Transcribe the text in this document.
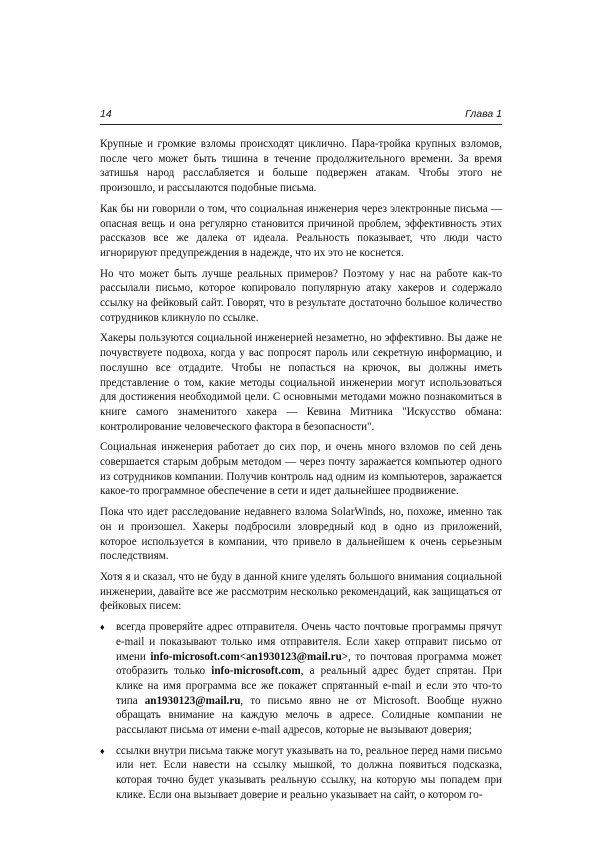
14	Глава 1

Крупные и громкие взломы происходят циклично. Пара-тройка крупных взломов, после чего может быть тишина в течение продолжительного времени. За время затишья народ расслабляется и больше подвержен атакам. Чтобы этого не произошло, и рассылаются подобные письма.

Как бы ни говорили о том, что социальная инженерия через электронные письма — опасная вещь и она регулярно становится причиной проблем, эффективность этих рассказов все же далека от идеала. Реальность показывает, что люди часто игнорируют предупреждения в надежде, что их это не коснется.

Но что может быть лучше реальных примеров? Поэтому у нас на работе как-то рассылали письмо, которое копировало популярную атаку хакеров и содержало ссылку на фейковый сайт. Говорят, что в результате достаточно большое количество сотрудников кликнуло по ссылке.

Хакеры пользуются социальной инженерией незаметно, но эффективно. Вы даже не почувствуете подвоха, когда у вас попросят пароль или секретную информацию, и послушно все отдадите. Чтобы не попасться на крючок, вы должны иметь представление о том, какие методы социальной инженерии могут использоваться для достижения необходимой цели. С основными методами можно познакомиться в книге самого знаменитого хакера — Кевина Митника "Искусство обмана: контролирование человеческого фактора в безопасности".

Социальная инженерия работает до сих пор, и очень много взломов по сей день совершается старым добрым методом — через почту заражается компьютер одного из сотрудников компании. Получив контроль над одним из компьютеров, заражается какое-то программное обеспечение в сети и идет дальнейшее продвижение.

Пока что идет расследование недавнего взлома SolarWinds, но, похоже, именно так он и произошел. Хакеры подбросили зловредный код в одно из приложений, которое используется в компании, что привело в дальнейшем к очень серьезным последствиям.

Хотя я и сказал, что не буду в данной книге уделять большого внимания социальной инженерии, давайте все же рассмотрим несколько рекомендаций, как защищаться от фейковых писем:

♦ всегда проверяйте адрес отправителя. Очень часто почтовые программы прячут e-mail и показывают только имя отправителя. Если хакер отправит письмо от имени info-microsoft.com<an1930123@mail.ru>, то почтовая программа может отобразить только info-microsoft.com, а реальный адрес будет спрятан. При клике на имя программа все же покажет спрятанный e-mail и если это что-то типа an1930123@mail.ru, то письмо явно не от Microsoft. Вообще нужно обращать внимание на каждую мелочь в адресе. Солидные компании не рассылают письма от имени e-mail адресов, которые не вызывают доверия;
♦ ссылки внутри письма также могут указывать на то, реальное перед нами письмо или нет. Если навести на ссылку мышкой, то должна появиться подсказка, которая точно будет указывать реальную ссылку, на которую мы попадем при клике. Если она вызывает доверие и реально указывает на сайт, о котором го-
